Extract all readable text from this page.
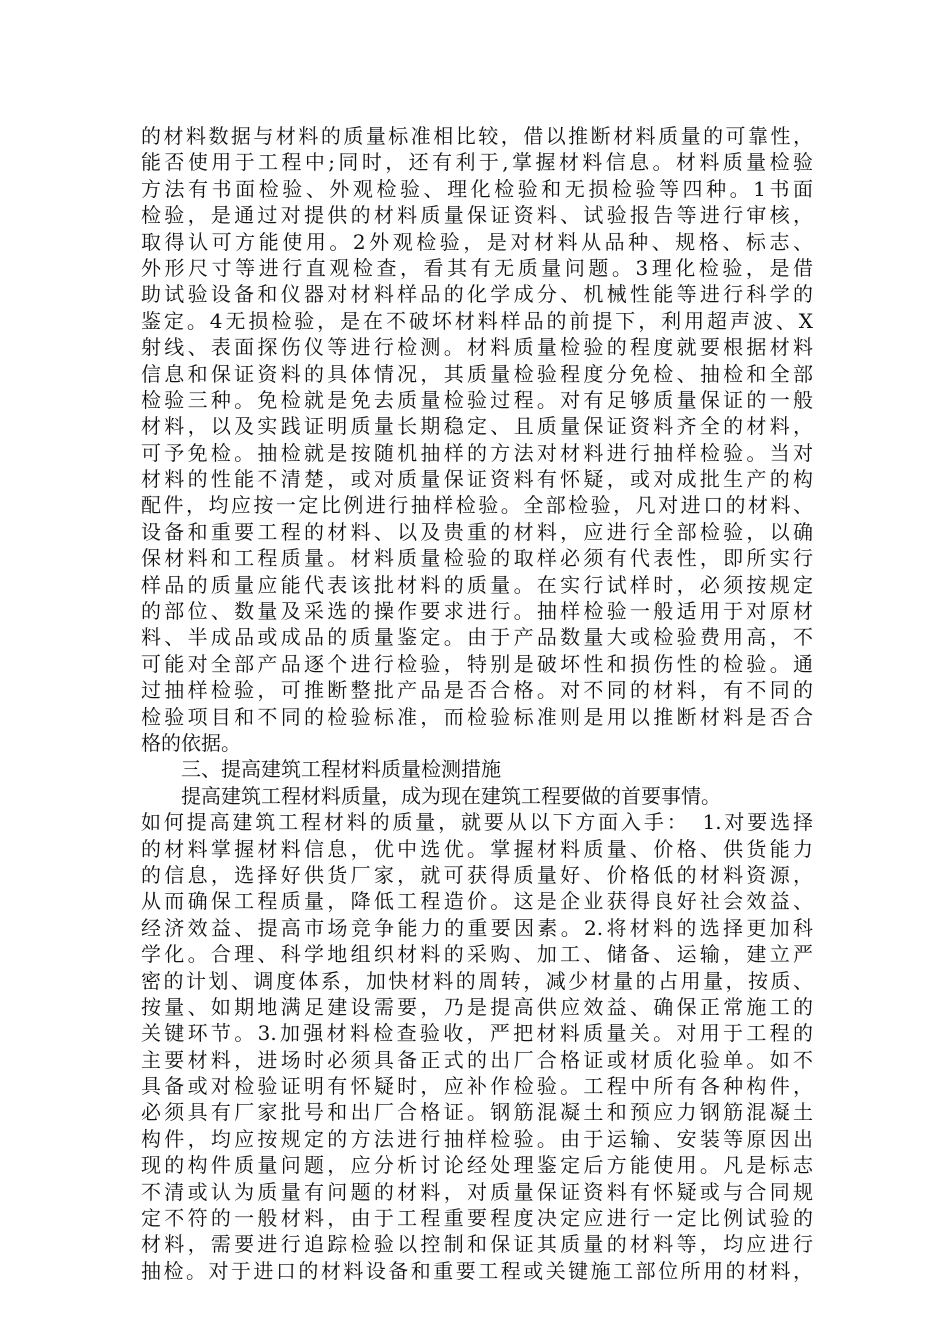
的材料数据与材料的质量标准相比较，借以推断材料质量的可靠性，
能否使用于工程中;同时，还有利于,掌握材料信息。材料质量检验
方法有书面检验、外观检验、理化检验和无损检验等四种。1书面
检验，是通过对提供的材料质量保证资料、试验报告等进行审核，
取得认可方能使用。2外观检验，是对材料从品种、规格、标志、
外形尺寸等进行直观检查，看其有无质量问题。3理化检验，是借
助试验设备和仪器对材料样品的化学成分、机械性能等进行科学的
鉴定。4无损检验，是在不破坏材料样品的前提下，利用超声波、X
射线、表面探伤仪等进行检测。材料质量检验的程度就要根据材料
信息和保证资料的具体情况，其质量检验程度分免检、抽检和全部
检验三种。免检就是免去质量检验过程。对有足够质量保证的一般
材料，以及实践证明质量长期稳定、且质量保证资料齐全的材料，
可予免检。抽检就是按随机抽样的方法对材料进行抽样检验。当对
材料的性能不清楚，或对质量保证资料有怀疑，或对成批生产的构
配件，均应按一定比例进行抽样检验。全部检验，凡对进口的材料、
设备和重要工程的材料、以及贵重的材料，应进行全部检验，以确
保材料和工程质量。材料质量检验的取样必须有代表性，即所实行
样品的质量应能代表该批材料的质量。在实行试样时，必须按规定
的部位、数量及采选的操作要求进行。抽样检验一般适用于对原材
料、半成品或成品的质量鉴定。由于产品数量大或检验费用高，不
可能对全部产品逐个进行检验，特别是破坏性和损伤性的检验。通
过抽样检验，可推断整批产品是否合格。对不同的材料，有不同的
检验项目和不同的检验标准，而检验标准则是用以推断材料是否合
格的依据。
三、提高建筑工程材料质量检测措施
提高建筑工程材料质量，成为现在建筑工程要做的首要事情。
如何提高建筑工程材料的质量，就要从以下方面入手：　1.对要选择
的材料掌握材料信息，优中选优。掌握材料质量、价格、供货能力
的信息，选择好供货厂家，就可获得质量好、价格低的材料资源，
从而确保工程质量，降低工程造价。这是企业获得良好社会效益、
经济效益、提高市场竞争能力的重要因素。2.将材料的选择更加科
学化。合理、科学地组织材料的采购、加工、储备、运输，建立严
密的计划、调度体系，加快材料的周转，减少材量的占用量，按质、
按量、如期地满足建设需要，乃是提高供应效益、确保正常施工的
关键环节。3.加强材料检查验收，严把材料质量关。对用于工程的
主要材料，进场时必须具备正式的出厂合格证或材质化验单。如不
具备或对检验证明有怀疑时，应补作检验。工程中所有各种构件，
必须具有厂家批号和出厂合格证。钢筋混凝土和预应力钢筋混凝土
构件，均应按规定的方法进行抽样检验。由于运输、安装等原因出
现的构件质量问题，应分析讨论经处理鉴定后方能使用。凡是标志
不清或认为质量有问题的材料，对质量保证资料有怀疑或与合同规
定不符的一般材料，由于工程重要程度决定应进行一定比例试验的
材料，需要进行追踪检验以控制和保证其质量的材料等，均应进行
抽检。对于进口的材料设备和重要工程或关键施工部位所用的材料，
